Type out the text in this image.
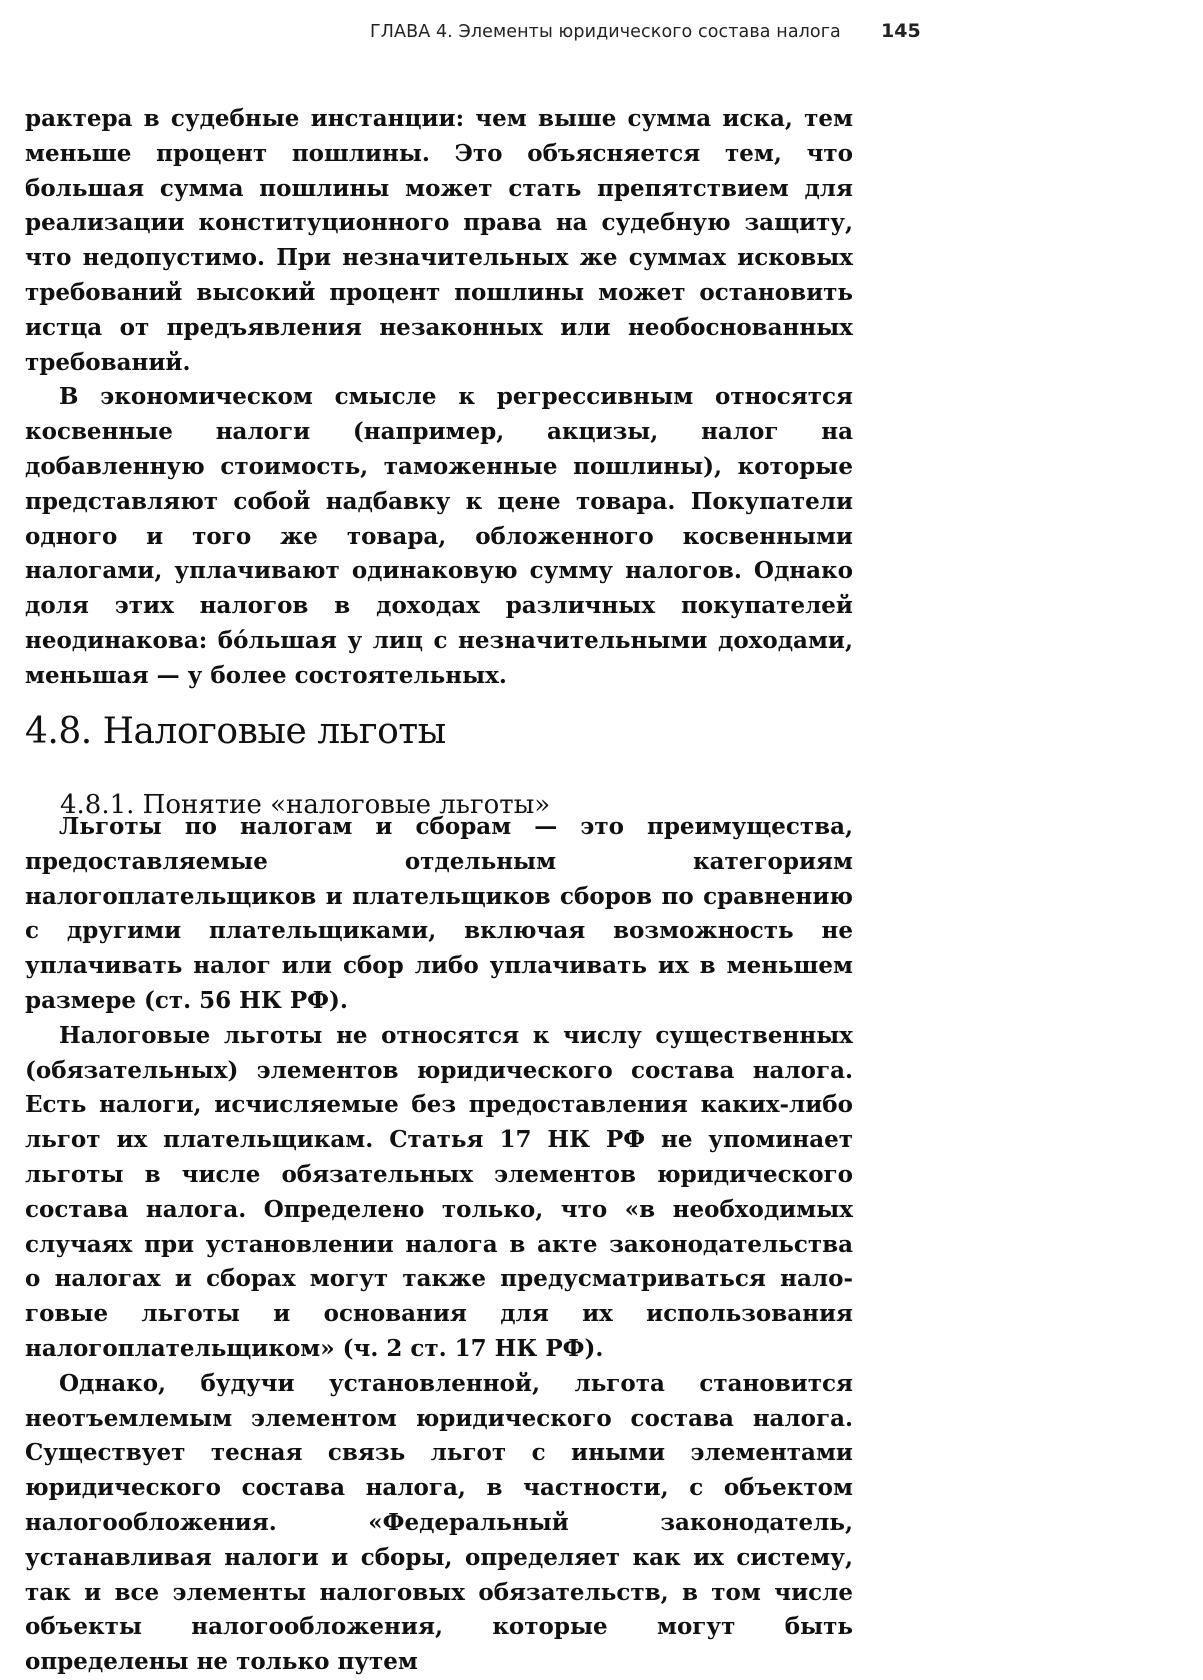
ГЛАВА 4. Элементы юридического состава налога 145

рактера в судебные инстанции: чем выше сумма иска, тем меньше процент пошлины. Это объясняется тем, что большая сумма пошлины может стать препятствием для реализации конституционного права на судебную защиту, что недопустимо. При незначительных же суммах исковых требований высокий процент пошлины может остановить истца от предъявления незаконных или необоснованных требований.

В экономическом смысле к регрессивным относятся косвенные налоги (например, акцизы, налог на добавленную стоимость, таможенные пошлины), которые представляют собой надбавку к цене товара. Покупатели одного и того же товара, обложенного косвенными налогами, уплачивают одинаковую сумму налогов. Однако доля этих налогов в доходах различных покупателей неодинакова: бóльшая у лиц с незначительными доходами, меньшая — у более состоятельных.

4.8. Налоговые льготы
4.8.1. Понятие «налоговые льготы»

Льготы по налогам и сборам — это преимущества, предоставляемые отдельным категориям налогоплательщиков и плательщиков сборов по сравнению с другими плательщиками, включая возможность не уплачивать налог или сбор либо уплачивать их в меньшем размере (ст. 56 НК РФ).

Налоговые льготы не относятся к числу существенных (обязательных) элементов юридического состава налога. Есть налоги, исчисляемые без предоставления каких-либо льгот их плательщикам. Статья 17 НК РФ не упоминает льготы в числе обязательных элементов юридического состава налога. Определено только, что «в необходимых случаях при установлении налога в акте законодательства о налогах и сборах могут также предусматриваться налоговые льготы и основания для их использования налогоплательщиком» (ч. 2 ст. 17 НК РФ).

Однако, будучи установленной, льгота становится неотъемлемым элементом юридического состава налога. Существует тесная связь льгот с иными элементами юридического состава налога, в частности, с объектом налогообложения. «Федеральный законодатель, устанавливая налоги и сборы, определяет как их систему, так и все элементы налоговых обязательств, в том числе объекты налогообложения, которые могут быть определены не только путем
